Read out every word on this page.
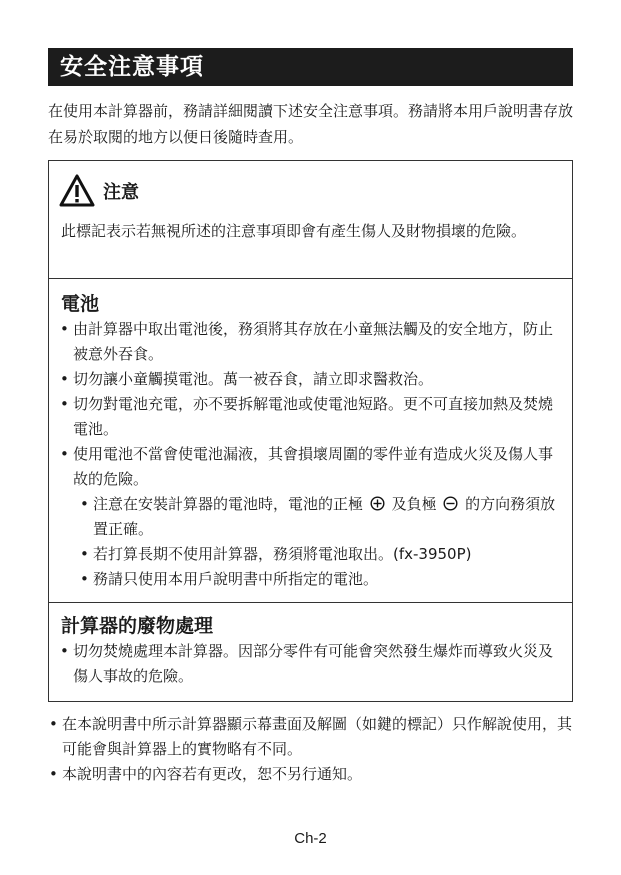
安全注意事項

在使用本計算器前，務請詳細閱讀下述安全注意事項。務請將本用戶說明書存放在易於取閱的地方以便日後隨時查用。

注意

此標記表示若無視所述的注意事項即會有產生傷人及財物損壞的危險。

電池
• 由計算器中取出電池後，務須將其存放在小童無法觸及的安全地方，防止被意外吞食。
• 切勿讓小童觸摸電池。萬一被吞食，請立即求醫救治。
• 切勿對電池充電，亦不要拆解電池或使電池短路。更不可直接加熱及焚燒電池。
• 使用電池不當會使電池漏液，其會損壞周圍的零件並有造成火災及傷人事故的危險。
• 注意在安裝計算器的電池時，電池的正極 及負極 的方向務須放置正確。
• 若打算長期不使用計算器，務須將電池取出。(fx-3950P)
• 務請只使用本用戶說明書中所指定的電池。
計算器的廢物處理
• 切勿焚燒處理本計算器。因部分零件有可能會突然發生爆炸而導致火災及傷人事故的危險。
• 在本說明書中所示計算器顯示幕畫面及解圖（如鍵的標記）只作解說使用，其可能會與計算器上的實物略有不同。
• 本說明書中的內容若有更改，恕不另行通知。
Ch-2
